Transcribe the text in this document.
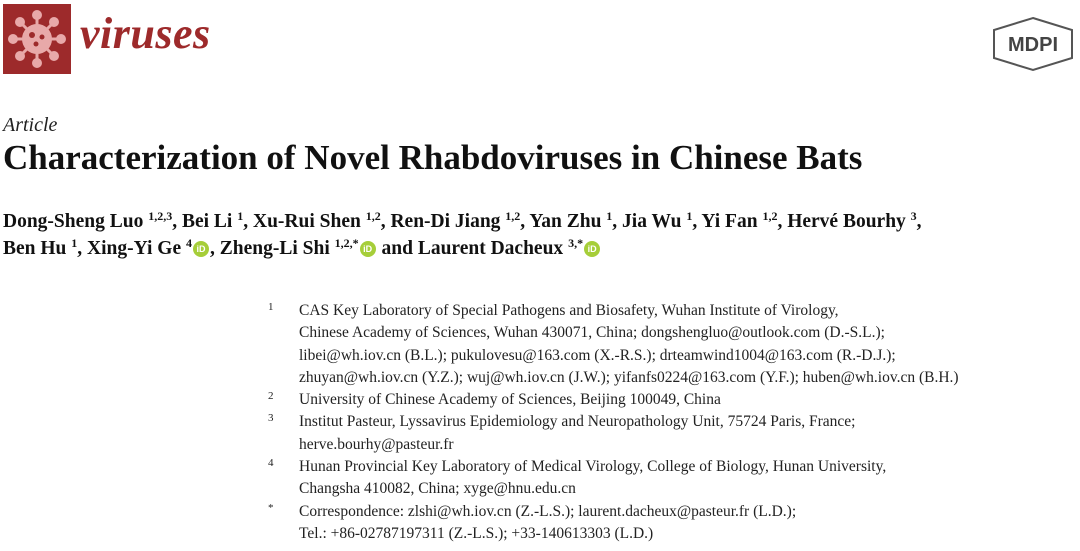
viruses	MDPI
Article
Characterization of Novel Rhabdoviruses in Chinese Bats
Dong-Sheng Luo $^{1,2,3}$, Bei Li $^1$, Xu-Rui Shen $^{1,2}$, Ren-Di Jiang $^{1,2}$, Yan Zhu $^1$, Jia Wu $^1$, Yi Fan $^{1,2}$, Hervé Bourhy $^3$,
Ben Hu $^1$, Xing-Yi Ge $^4$ iD , Zheng-Li Shi $^{1,2,*}$ iD and Laurent Dacheux $^{3,*}$ iD
1	CAS Key Laboratory of Special Pathogens and Biosafety, Wuhan Institute of Virology,
Chinese Academy of Sciences, Wuhan 430071, China; dongshengluo@outlook.com (D.-S.L.);
libei@wh.iov.cn (B.L.); pukulovesu@163.com (X.-R.S.); drteamwind1004@163.com (R.-D.J.);
zhuyan@wh.iov.cn (Y.Z.); wuj@wh.iov.cn (J.W.); yifanfs0224@163.com (Y.F.); huben@wh.iov.cn (B.H.)
2	University of Chinese Academy of Sciences, Beijing 100049, China
3	Institut Pasteur, Lyssavirus Epidemiology and Neuropathology Unit, 75724 Paris, France;
herve.bourhy@pasteur.fr
4	Hunan Provincial Key Laboratory of Medical Virology, College of Biology, Hunan University,
Changsha 410082, China; xyge@hnu.edu.cn
*	Correspondence: zlshi@wh.iov.cn (Z.-L.S.); laurent.dacheux@pasteur.fr (L.D.);
Tel.: +86-02787197311 (Z.-L.S.); +33-140613303 (L.D.)
